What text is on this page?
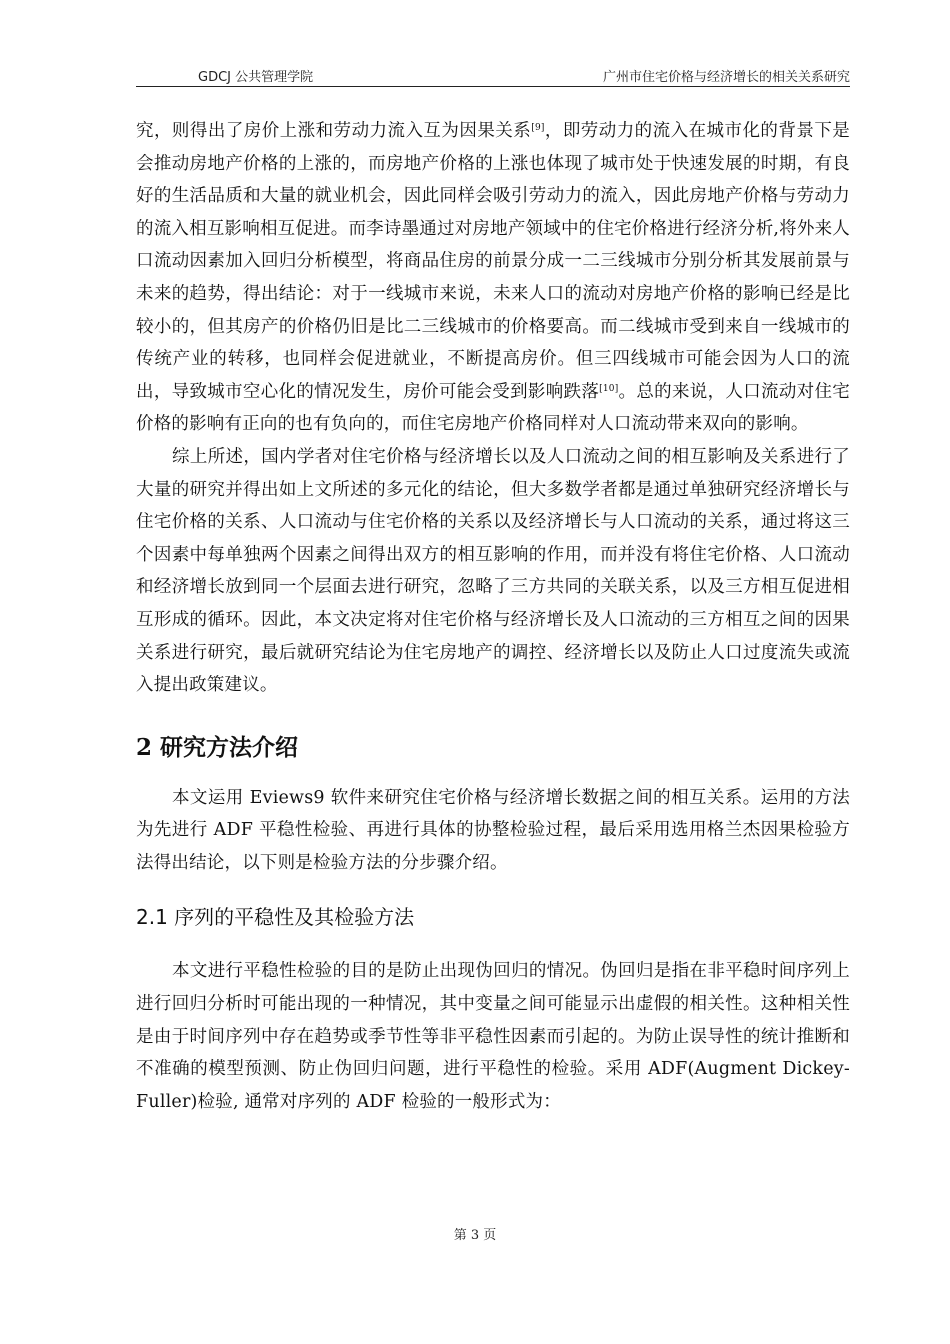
GDCJ 公共管理学院	广州市住宅价格与经济增长的相关关系研究

究，则得出了房价上涨和劳动力流入互为因果关系[9]，即劳动力的流入在城市化的背景下是会推动房地产价格的上涨的，而房地产价格的上涨也体现了城市处于快速发展的时期，有良好的生活品质和大量的就业机会，因此同样会吸引劳动力的流入，因此房地产价格与劳动力的流入相互影响相互促进。而李诗墨通过对房地产领域中的住宅价格进行经济分析,将外来人口流动因素加入回归分析模型，将商品住房的前景分成一二三线城市分别分析其发展前景与未来的趋势，得出结论：对于一线城市来说，未来人口的流动对房地产价格的影响已经是比较小的，但其房产的价格仍旧是比二三线城市的价格要高。而二线城市受到来自一线城市的传统产业的转移，也同样会促进就业，不断提高房价。但三四线城市可能会因为人口的流出，导致城市空心化的情况发生，房价可能会受到影响跌落[10]。总的来说，人口流动对住宅价格的影响有正向的也有负向的，而住宅房地产价格同样对人口流动带来双向的影响。

综上所述，国内学者对住宅价格与经济增长以及人口流动之间的相互影响及关系进行了大量的研究并得出如上文所述的多元化的结论，但大多数学者都是通过单独研究经济增长与住宅价格的关系、人口流动与住宅价格的关系以及经济增长与人口流动的关系，通过将这三个因素中每单独两个因素之间得出双方的相互影响的作用，而并没有将住宅价格、人口流动和经济增长放到同一个层面去进行研究，忽略了三方共同的关联关系，以及三方相互促进相互形成的循环。因此，本文决定将对住宅价格与经济增长及人口流动的三方相互之间的因果关系进行研究，最后就研究结论为住宅房地产的调控、经济增长以及防止人口过度流失或流入提出政策建议。

2 研究方法介绍

本文运用 Eviews9 软件来研究住宅价格与经济增长数据之间的相互关系。运用的方法为先进行 ADF 平稳性检验、再进行具体的协整检验过程，最后采用选用格兰杰因果检验方法得出结论，以下则是检验方法的分步骤介绍。

2.1 序列的平稳性及其检验方法

本文进行平稳性检验的目的是防止出现伪回归的情况。伪回归是指在非平稳时间序列上进行回归分析时可能出现的一种情况，其中变量之间可能显示出虚假的相关性。这种相关性是由于时间序列中存在趋势或季节性等非平稳性因素而引起的。为防止误导性的统计推断和不准确的模型预测、防止伪回归问题，进行平稳性的检验。采用 ADF(Augment Dickey-Fuller)检验, 通常对序列的 ADF 检验的一般形式为：

第 3 页
